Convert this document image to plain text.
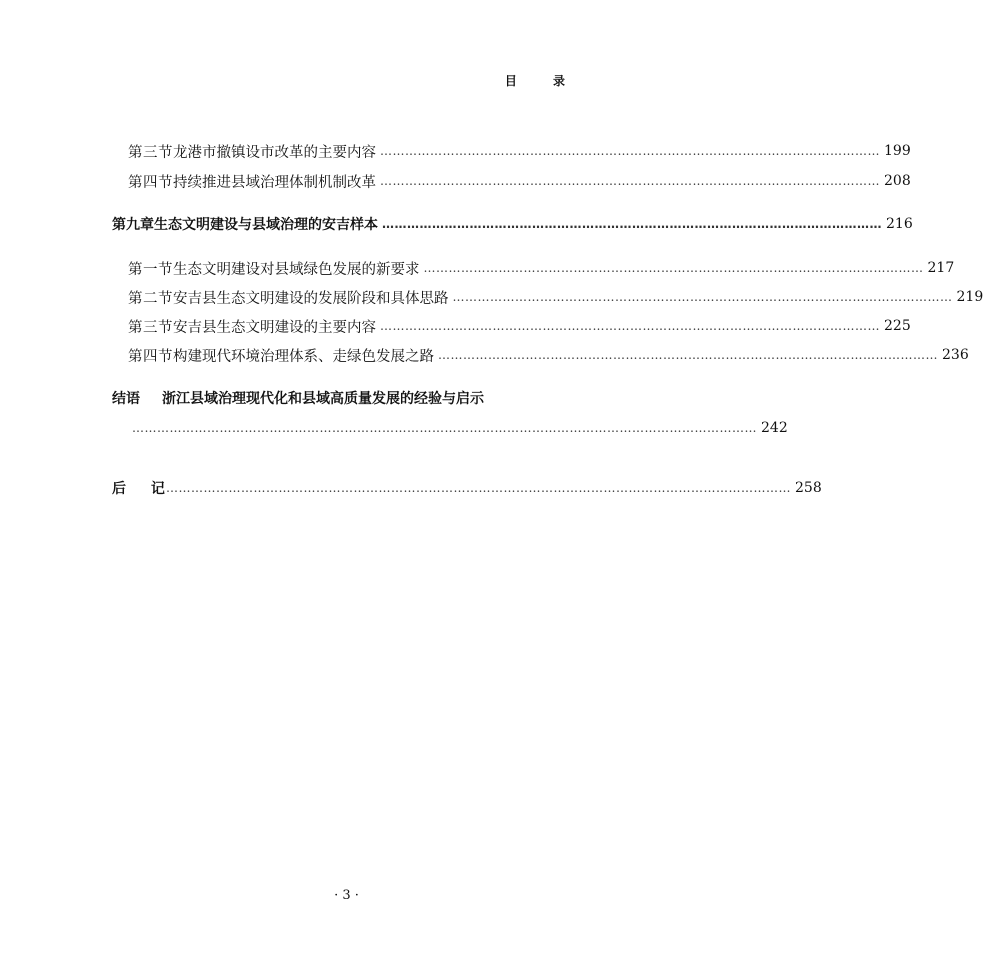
目 录
第三节 龙港市撤镇设市改革的主要内容 ………………………………………………………………………………………………………… 199
第四节 持续推进县域治理体制机制改革 ………………………………………………………………………………………………………… 208
第九章 生态文明建设与县域治理的安吉样本 ………………………………………………………………………………………………………… 216
第一节 生态文明建设对县域绿色发展的新要求 ………………………………………………………………………………………………………… 217
第二节 安吉县生态文明建设的发展阶段和具体思路 ………………………………………………………………………………………………………… 219
第三节 安吉县生态文明建设的主要内容 ………………………………………………………………………………………………………… 225
第四节 构建现代环境治理体系、走绿色发展之路 ………………………………………………………………………………………………………… 236
结语	浙江县域治理现代化和县域高质量发展的经验与启示
…………………………………………………………………………………………………………………………………… 242
后 记
…………………………………………………………………………………………………………………………………… 258
· 3 ·
